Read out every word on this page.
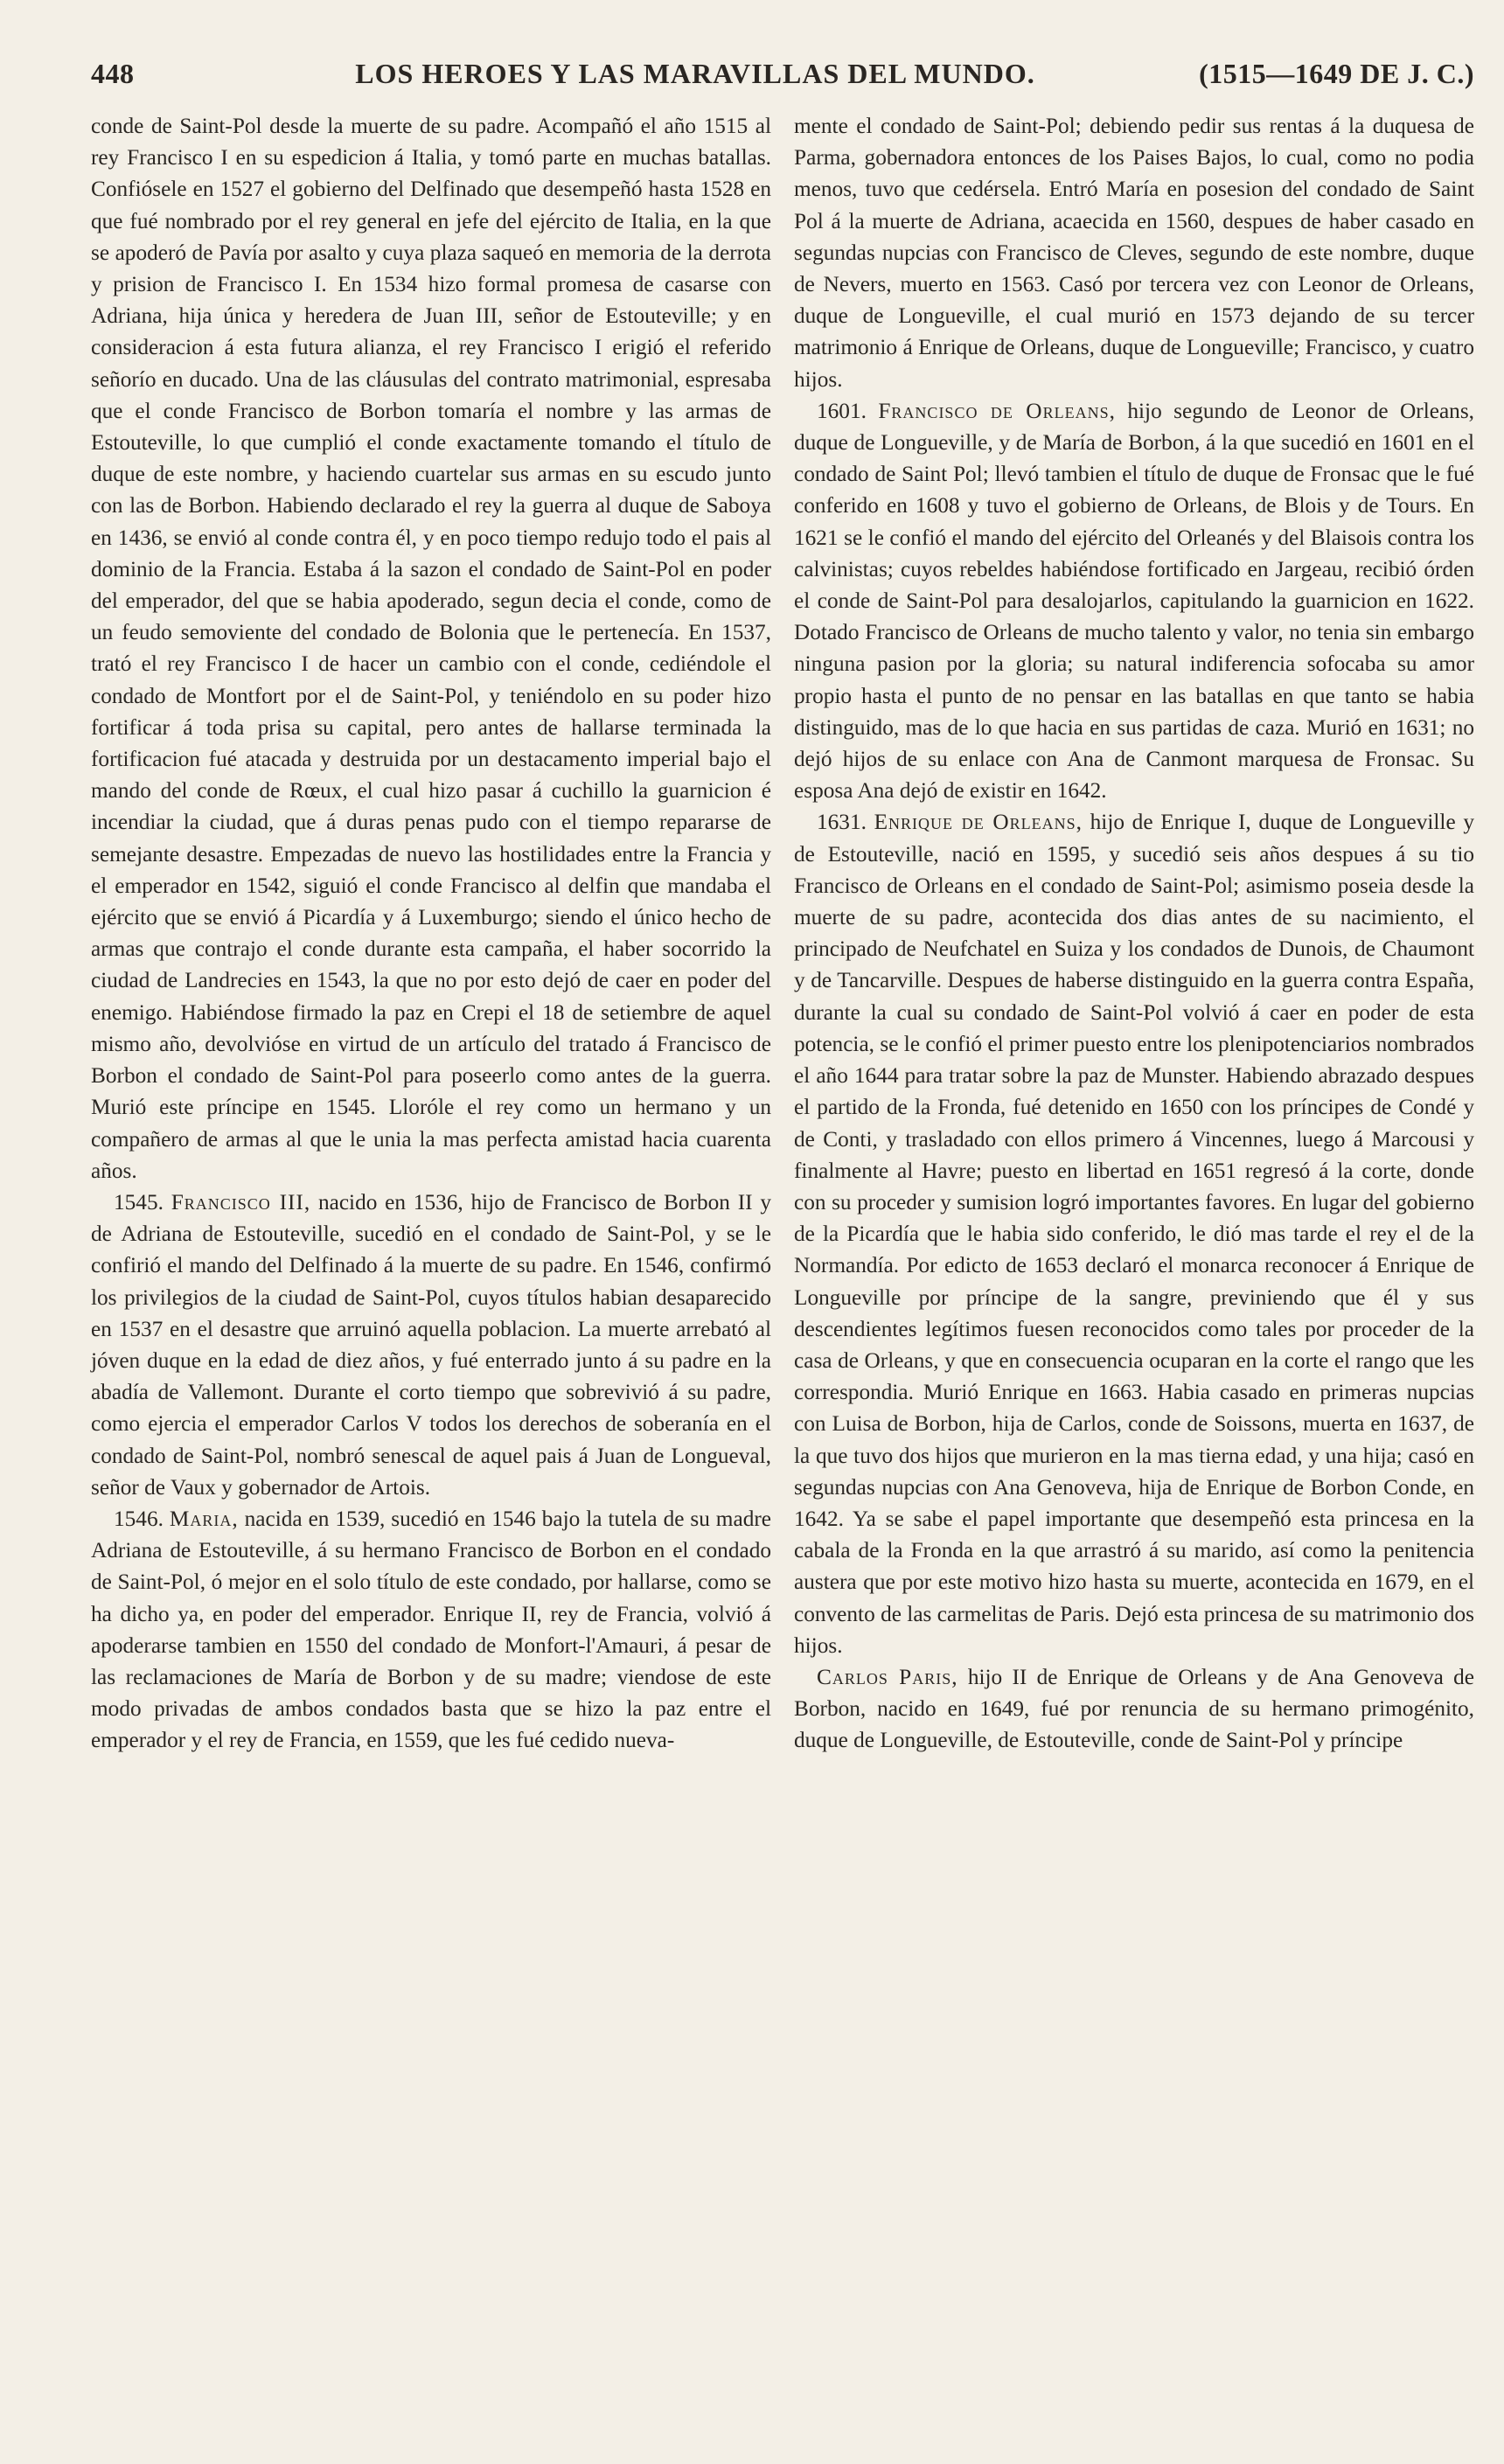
448	LOS HEROES Y LAS MARAVILLAS DEL MUNDO.	(1515—1649 DE J. C.)

conde de Saint-Pol desde la muerte de su padre. Acompañó el año 1515 al rey Francisco I en su espedicion á Italia, y tomó parte en muchas batallas. Confiósele en 1527 el gobierno del Delfinado que desempeñó hasta 1528 en que fué nombrado por el rey general en jefe del ejército de Italia, en la que se apoderó de Pavía por asalto y cuya plaza saqueó en memoria de la derrota y prision de Francisco I. En 1534 hizo formal promesa de casarse con Adriana, hija única y heredera de Juan III, señor de Estouteville; y en consideracion á esta futura alianza, el rey Francisco I erigió el referido señorío en ducado. Una de las cláusulas del contrato matrimonial, espresaba que el conde Francisco de Borbon tomaría el nombre y las armas de Estouteville, lo que cumplió el conde exactamente tomando el título de duque de este nombre, y haciendo cuartelar sus armas en su escudo junto con las de Borbon. Habiendo declarado el rey la guerra al duque de Saboya en 1436, se envió al conde contra él, y en poco tiempo redujo todo el pais al dominio de la Francia. Estaba á la sazon el condado de Saint-Pol en poder del emperador, del que se habia apoderado, segun decia el conde, como de un feudo semoviente del condado de Bolonia que le pertenecía. En 1537, trató el rey Francisco I de hacer un cambio con el conde, cediéndole el condado de Montfort por el de Saint-Pol, y teniéndolo en su poder hizo fortificar á toda prisa su capital, pero antes de hallarse terminada la fortificacion fué atacada y destruida por un destacamento imperial bajo el mando del conde de Rœux, el cual hizo pasar á cuchillo la guarnicion é incendiar la ciudad, que á duras penas pudo con el tiempo repararse de semejante desastre. Empezadas de nuevo las hostilidades entre la Francia y el emperador en 1542, siguió el conde Francisco al delfin que mandaba el ejército que se envió á Picardía y á Luxemburgo; siendo el único hecho de armas que contrajo el conde durante esta campaña, el haber socorrido la ciudad de Landrecies en 1543, la que no por esto dejó de caer en poder del enemigo. Habiéndose firmado la paz en Crepi el 18 de setiembre de aquel mismo año, devolvióse en virtud de un artículo del tratado á Francisco de Borbon el condado de Saint-Pol para poseerlo como antes de la guerra. Murió este príncipe en 1545. Lloróle el rey como un hermano y un compañero de armas al que le unia la mas perfecta amistad hacia cuarenta años.

1545. Francisco III, nacido en 1536, hijo de Francisco de Borbon II y de Adriana de Estouteville, sucedió en el condado de Saint-Pol, y se le confirió el mando del Delfinado á la muerte de su padre. En 1546, confirmó los privilegios de la ciudad de Saint-Pol, cuyos títulos habian desaparecido en 1537 en el desastre que arruinó aquella poblacion. La muerte arrebató al jóven duque en la edad de diez años, y fué enterrado junto á su padre en la abadía de Vallemont. Durante el corto tiempo que sobrevivió á su padre, como ejercia el emperador Carlos V todos los derechos de soberanía en el condado de Saint-Pol, nombró senescal de aquel pais á Juan de Longueval, señor de Vaux y gobernador de Artois.

1546. Maria, nacida en 1539, sucedió en 1546 bajo la tutela de su madre Adriana de Estouteville, á su hermano Francisco de Borbon en el condado de Saint-Pol, ó mejor en el solo título de este condado, por hallarse, como se ha dicho ya, en poder del emperador. Enrique II, rey de Francia, volvió á apoderarse tambien en 1550 del condado de Monfort-l'Amauri, á pesar de las reclamaciones de María de Borbon y de su madre; viendose de este modo privadas de ambos condados basta que se hizo la paz entre el emperador y el rey de Francia, en 1559, que les fué cedido nueva-

mente el condado de Saint-Pol; debiendo pedir sus rentas á la duquesa de Parma, gobernadora entonces de los Paises Bajos, lo cual, como no podia menos, tuvo que cedérsela. Entró María en posesion del condado de Saint Pol á la muerte de Adriana, acaecida en 1560, despues de haber casado en segundas nupcias con Francisco de Cleves, segundo de este nombre, duque de Nevers, muerto en 1563. Casó por tercera vez con Leonor de Orleans, duque de Longueville, el cual murió en 1573 dejando de su tercer matrimonio á Enrique de Orleans, duque de Longueville; Francisco, y cuatro hijos.

1601. Francisco de Orleans, hijo segundo de Leonor de Orleans, duque de Longueville, y de María de Borbon, á la que sucedió en 1601 en el condado de Saint Pol; llevó tambien el título de duque de Fronsac que le fué conferido en 1608 y tuvo el gobierno de Orleans, de Blois y de Tours. En 1621 se le confió el mando del ejército del Orleanés y del Blaisois contra los calvinistas; cuyos rebeldes habiéndose fortificado en Jargeau, recibió órden el conde de Saint-Pol para desalojarlos, capitulando la guarnicion en 1622. Dotado Francisco de Orleans de mucho talento y valor, no tenia sin embargo ninguna pasion por la gloria; su natural indiferencia sofocaba su amor propio hasta el punto de no pensar en las batallas en que tanto se habia distinguido, mas de lo que hacia en sus partidas de caza. Murió en 1631; no dejó hijos de su enlace con Ana de Canmont marquesa de Fronsac. Su esposa Ana dejó de existir en 1642.

1631. Enrique de Orleans, hijo de Enrique I, duque de Longueville y de Estouteville, nació en 1595, y sucedió seis años despues á su tio Francisco de Orleans en el condado de Saint-Pol; asimismo poseia desde la muerte de su padre, acontecida dos dias antes de su nacimiento, el principado de Neufchatel en Suiza y los condados de Dunois, de Chaumont y de Tancarville. Despues de haberse distinguido en la guerra contra España, durante la cual su condado de Saint-Pol volvió á caer en poder de esta potencia, se le confió el primer puesto entre los plenipotenciarios nombrados el año 1644 para tratar sobre la paz de Munster. Habiendo abrazado despues el partido de la Fronda, fué detenido en 1650 con los príncipes de Condé y de Conti, y trasladado con ellos primero á Vincennes, luego á Marcousi y finalmente al Havre; puesto en libertad en 1651 regresó á la corte, donde con su proceder y sumision logró importantes favores. En lugar del gobierno de la Picardía que le habia sido conferido, le dió mas tarde el rey el de la Normandía. Por edicto de 1653 declaró el monarca reconocer á Enrique de Longueville por príncipe de la sangre, previniendo que él y sus descendientes legítimos fuesen reconocidos como tales por proceder de la casa de Orleans, y que en consecuencia ocuparan en la corte el rango que les correspondia. Murió Enrique en 1663. Habia casado en primeras nupcias con Luisa de Borbon, hija de Carlos, conde de Soissons, muerta en 1637, de la que tuvo dos hijos que murieron en la mas tierna edad, y una hija; casó en segundas nupcias con Ana Genoveva, hija de Enrique de Borbon Conde, en 1642. Ya se sabe el papel importante que desempeñó esta princesa en la cabala de la Fronda en la que arrastró á su marido, así como la penitencia austera que por este motivo hizo hasta su muerte, acontecida en 1679, en el convento de las carmelitas de Paris. Dejó esta princesa de su matrimonio dos hijos.

Carlos Paris, hijo II de Enrique de Orleans y de Ana Genoveva de Borbon, nacido en 1649, fué por renuncia de su hermano primogénito, duque de Longueville, de Estouteville, conde de Saint-Pol y príncipe
